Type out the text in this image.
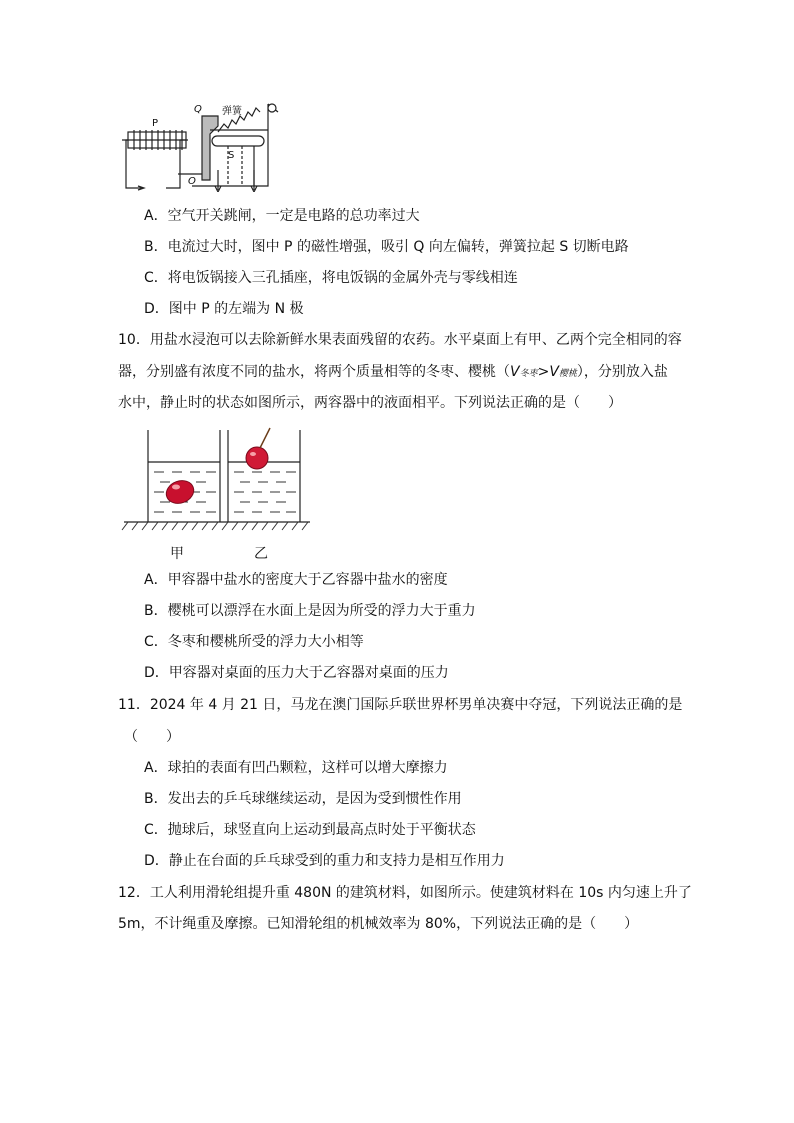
P
Q 弹簧
S
O
A．空气开关跳闸，一定是电路的总功率过大
B．电流过大时，图中 P 的磁性增强，吸引 Q 向左偏转，弹簧拉起 S 切断电路
C．将电饭锅接入三孔插座，将电饭锅的金属外壳与零线相连
D．图中 P 的左端为 N 极
10．用盐水浸泡可以去除新鲜水果表面残留的农药。水平桌面上有甲、乙两个完全相同的容
器，分别盛有浓度不同的盐水，将两个质量相等的冬枣、樱桃（V冬枣>V樱桃），分别放入盐
水中，静止时的状态如图所示，两容器中的液面相平。下列说法正确的是（　　）
甲	乙
A．甲容器中盐水的密度大于乙容器中盐水的密度
B．樱桃可以漂浮在水面上是因为所受的浮力大于重力
C．冬枣和樱桃所受的浮力大小相等
D．甲容器对桌面的压力大于乙容器对桌面的压力
11．2024 年 4 月 21 日，马龙在澳门国际乒联世界杯男单决赛中夺冠，下列说法正确的是
（　　）
A．球拍的表面有凹凸颗粒，这样可以增大摩擦力
B．发出去的乒乓球继续运动，是因为受到惯性作用
C．抛球后，球竖直向上运动到最高点时处于平衡状态
D．静止在台面的乒乓球受到的重力和支持力是相互作用力
12．工人利用滑轮组提升重 480N 的建筑材料，如图所示。使建筑材料在 10s 内匀速上升了
5m，不计绳重及摩擦。已知滑轮组的机械效率为 80%，下列说法正确的是（　　）
